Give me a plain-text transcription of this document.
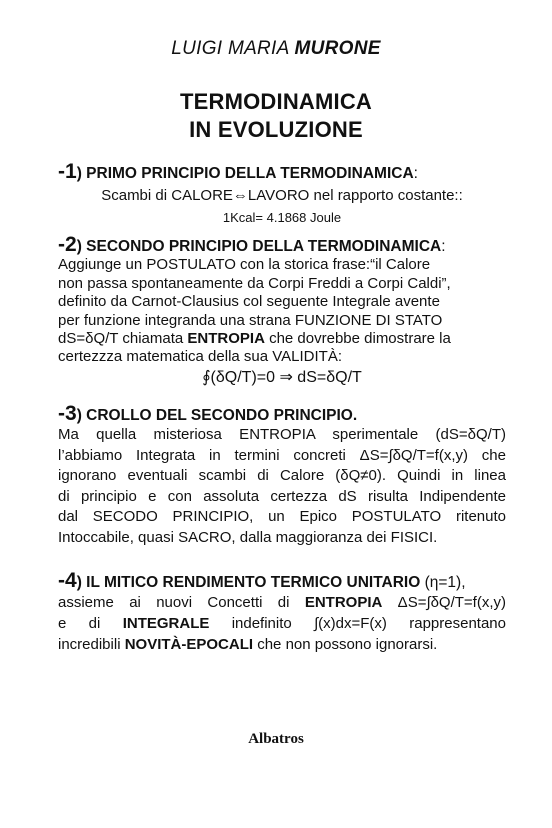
LUIGI MARIA MURONE
TERMODINAMICA
IN EVOLUZIONE
-1) PRIMO PRINCIPIO DELLA TERMODINAMICA:
Scambi di CALORE⇔LAVORO nel rapporto costante::
1Kcal= 4.1868 Joule
-2) SECONDO PRINCIPIO DELLA TERMODINAMICA:
Aggiunge un POSTULATO con la storica frase:“il Calore
non passa spontaneamente da Corpi Freddi a Corpi Caldi”,
definito da Carnot-Clausius col seguente Integrale avente
per funzione integranda una strana FUNZIONE DI STATO
dS=δQ/T chiamata ENTROPIA che dovrebbe dimostrare la
certezzza matematica della sua VALIDITÀ:
∮(δQ/T)=0 ⇒ dS=δQ/T
-3) CROLLO DEL SECONDO PRINCIPIO.
Ma quella misteriosa ENTROPIA sperimentale (dS=δQ/T)
l’abbiamo Integrata in termini concreti ΔS=∫δQ/T=f(x,y) che
ignorano eventuali scambi di Calore (δQ≠0). Quindi in linea
di principio e con assoluta certezza dS risulta Indipendente
dal SECODO PRINCIPIO, un Epico POSTULATO ritenuto
Intoccabile, quasi SACRO, dalla maggioranza dei FISICI.
-4) IL MITICO RENDIMENTO TERMICO UNITARIO (η=1),
assieme ai nuovi Concetti di ENTROPIA ΔS=∫δQ/T=f(x,y)
e di INTEGRALE indefinito ∫(x)dx=F(x) rappresentano
incredibili NOVITÀ-EPOCALI che non possono ignorarsi.
Albatros
